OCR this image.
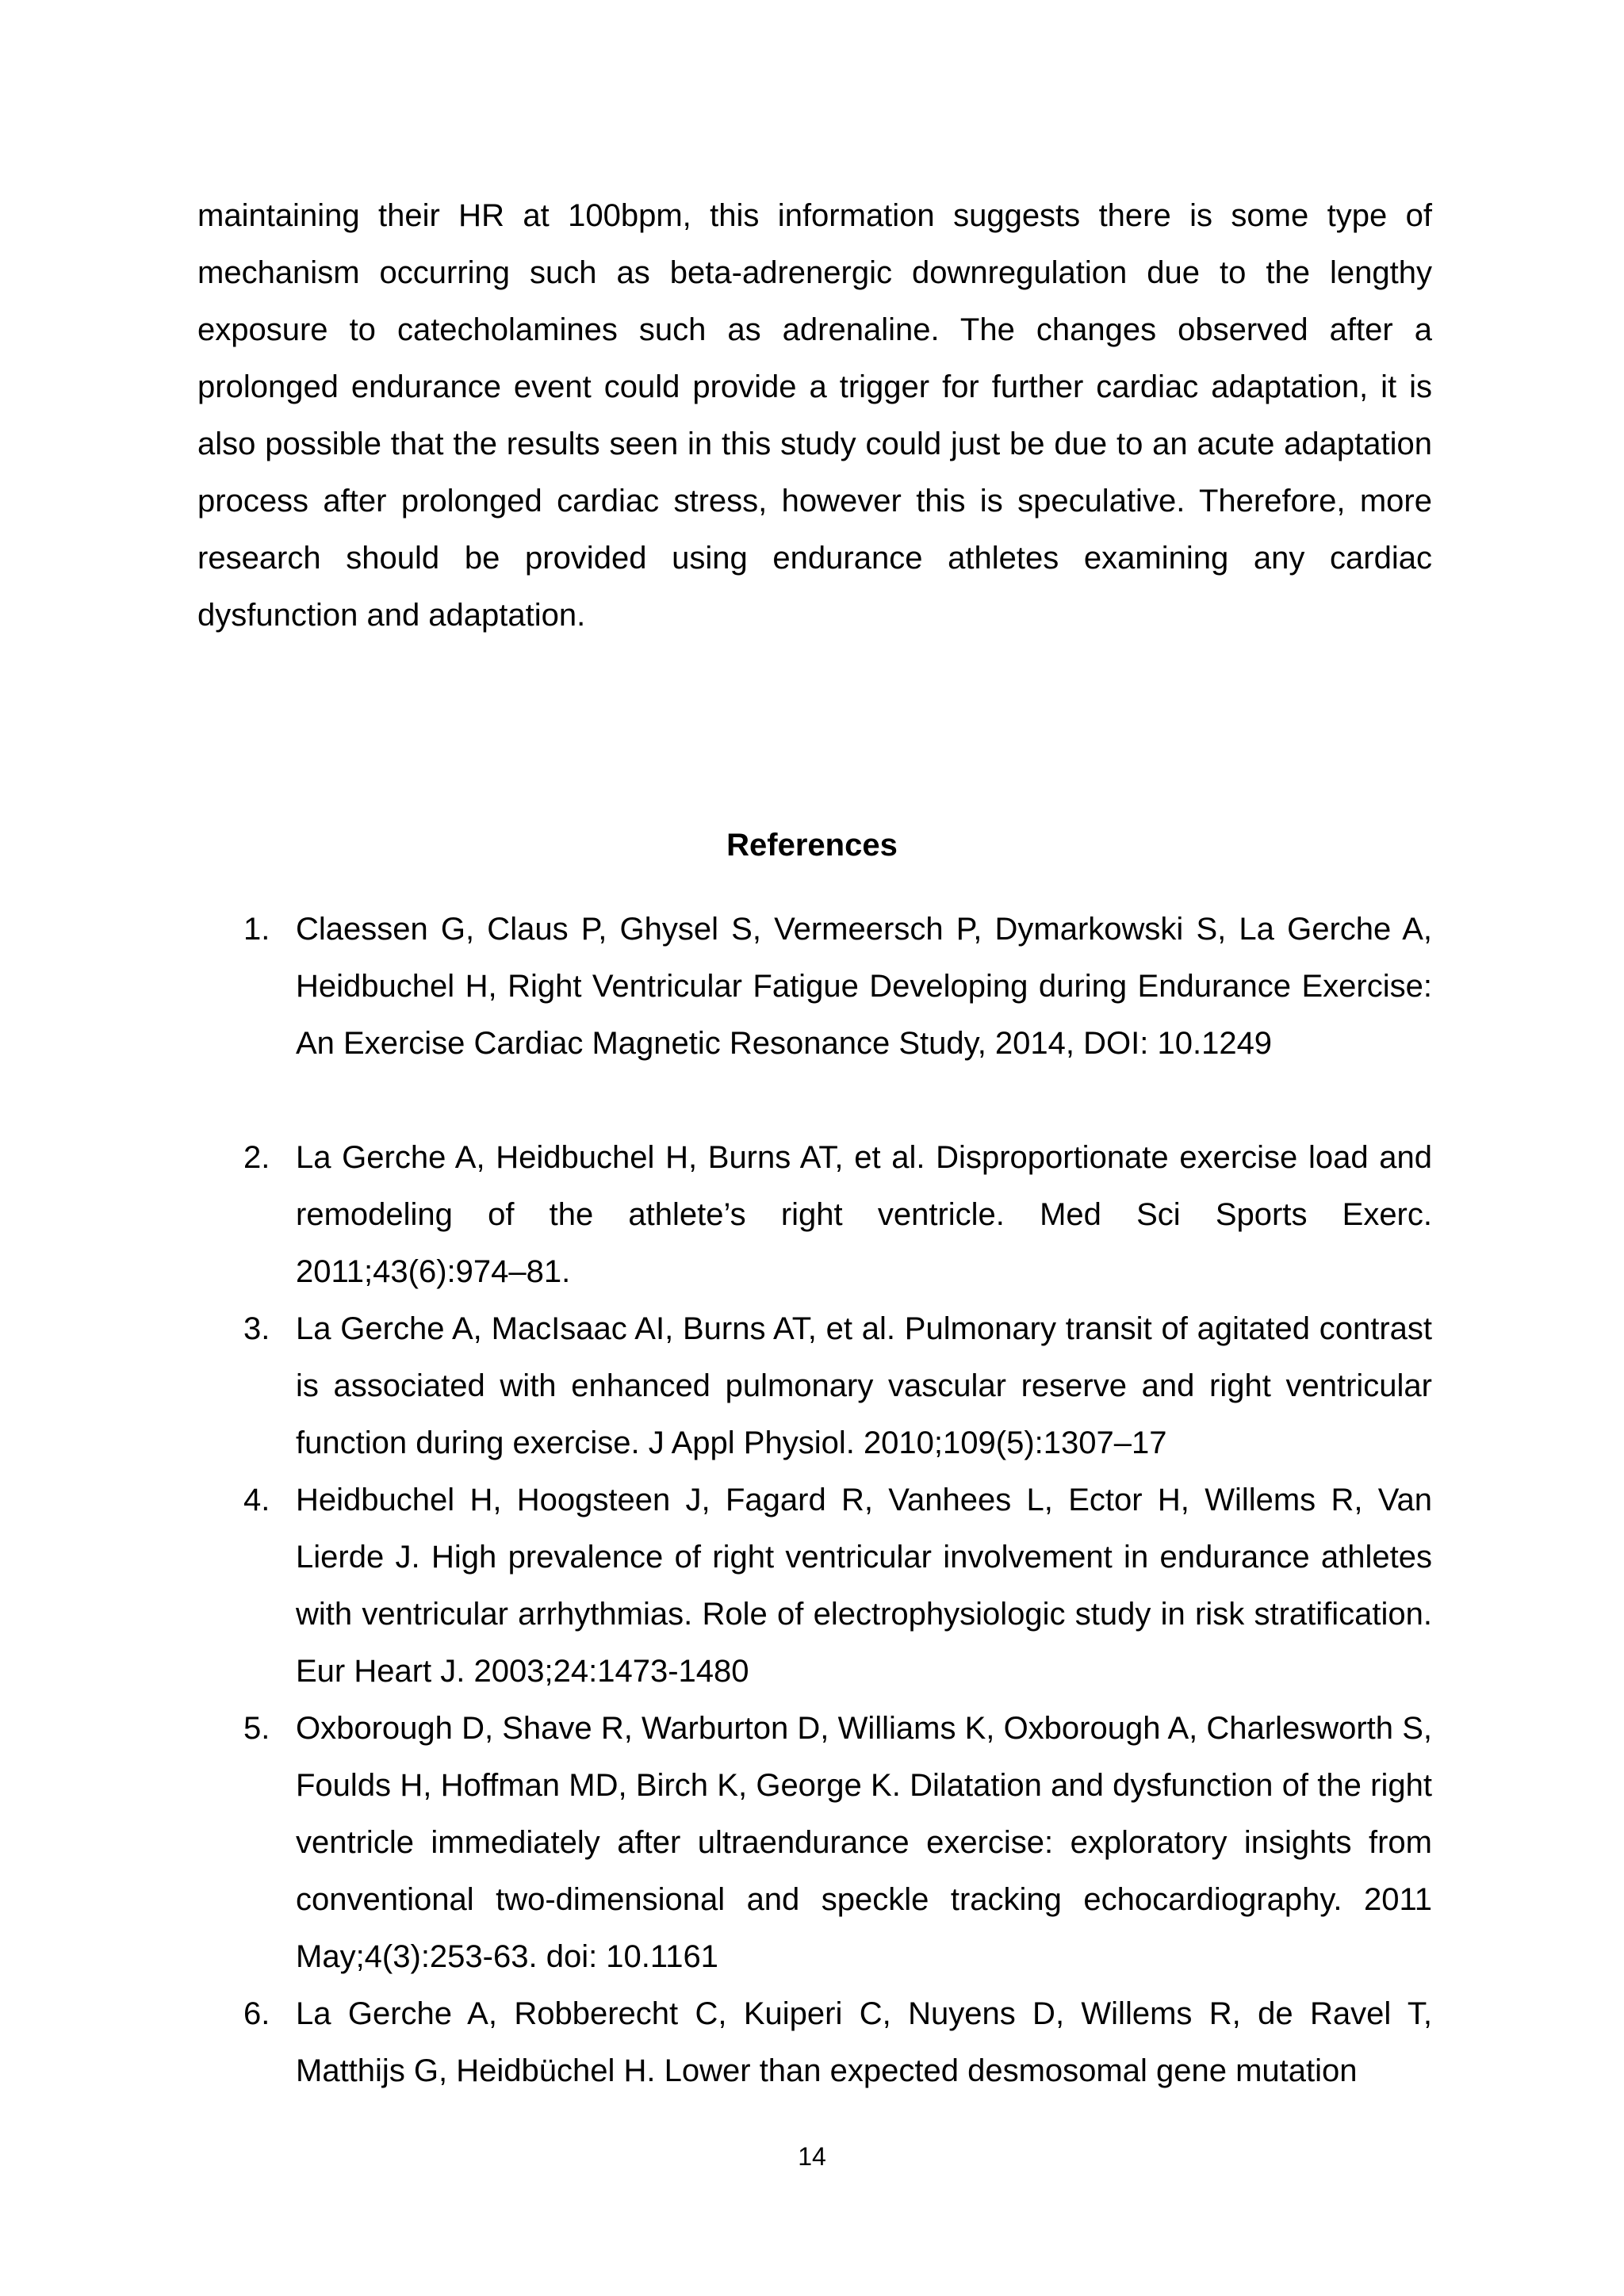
maintaining their HR at 100bpm, this information suggests there is some type of mechanism occurring such as beta-adrenergic downregulation due to the lengthy exposure to catecholamines such as adrenaline. The changes observed after a prolonged endurance event could provide a trigger for further cardiac adaptation, it is also possible that the results seen in this study could just be due to an acute adaptation process after prolonged cardiac stress, however this is speculative. Therefore, more research should be provided using endurance athletes examining any cardiac dysfunction and adaptation.

References
1. Claessen G, Claus P, Ghysel S, Vermeersch P, Dymarkowski S, La Gerche A, Heidbuchel H, Right Ventricular Fatigue Developing during Endurance Exercise: An Exercise Cardiac Magnetic Resonance Study, 2014, DOI: 10.1249
2. La Gerche A, Heidbuchel H, Burns AT, et al. Disproportionate exercise load and remodeling of the athlete’s right ventricle. Med Sci Sports Exerc. 2011;43(6):974–81.
3. La Gerche A, MacIsaac AI, Burns AT, et al. Pulmonary transit of agitated contrast is associated with enhanced pulmonary vascular reserve and right ventricular function during exercise. J Appl Physiol. 2010;109(5):1307–17
4. Heidbuchel H, Hoogsteen J, Fagard R, Vanhees L, Ector H, Willems R, Van Lierde J. High prevalence of right ventricular involvement in endurance athletes with ventricular arrhythmias. Role of electrophysiologic study in risk stratification. Eur Heart J. 2003;24:1473-1480
5. Oxborough D, Shave R, Warburton D, Williams K, Oxborough A, Charlesworth S, Foulds H, Hoffman MD, Birch K, George K. Dilatation and dysfunction of the right ventricle immediately after ultraendurance exercise: exploratory insights from conventional two-dimensional and speckle tracking echocardiography. 2011 May;4(3):253-63. doi: 10.1161
6. La Gerche A, Robberecht C, Kuiperi C, Nuyens D, Willems R, de Ravel T, Matthijs G, Heidbüchel H. Lower than expected desmosomal gene mutation
14
